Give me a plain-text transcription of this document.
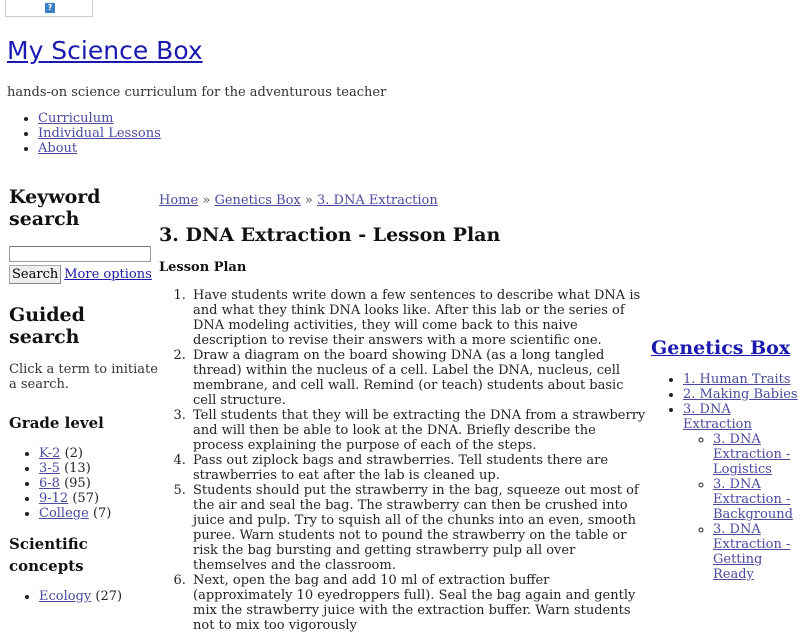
?
My Science Box

hands-on science curriculum for the adventurous teacher

• Curriculum
• Individual Lessons
• About
Keyword search
Search More options
Guided search

Click a term to initiate a search.

Grade level
• K-2 (2)
• 3-5 (13)
• 6-8 (95)
• 9-12 (57)
• College (7)
Scientific concepts
• Ecology (27)
Home » Genetics Box » 3. DNA Extraction
3. DNA Extraction - Lesson Plan
Lesson Plan
1. Have students write down a few sentences to describe what DNA is and what they think DNA looks like. After this lab or the series of DNA modeling activities, they will come back to this naive description to revise their answers with a more scientific one.
2. Draw a diagram on the board showing DNA (as a long tangled thread) within the nucleus of a cell. Label the DNA, nucleus, cell membrane, and cell wall. Remind (or teach) students about basic cell structure.
3. Tell students that they will be extracting the DNA from a strawberry and will then be able to look at the DNA. Briefly describe the process explaining the purpose of each of the steps.
4. Pass out ziplock bags and strawberries. Tell students there are strawberries to eat after the lab is cleaned up.
5. Students should put the strawberry in the bag, squeeze out most of the air and seal the bag. The strawberry can then be crushed into juice and pulp. Try to squish all of the chunks into an even, smooth puree. Warn students not to pound the strawberry on the table or risk the bag bursting and getting strawberry pulp all over themselves and the classroom.
6. Next, open the bag and add 10 ml of extraction buffer (approximately 10 eyedroppers full). Seal the bag again and gently mix the strawberry juice with the extraction buffer. Warn students not to mix too vigorously
Genetics Box
• 1. Human Traits
• 2. Making Babies
• 3. DNA Extraction
◦ 3. DNA Extraction - Logistics
◦ 3. DNA Extraction - Background
◦ 3. DNA Extraction - Getting Ready
